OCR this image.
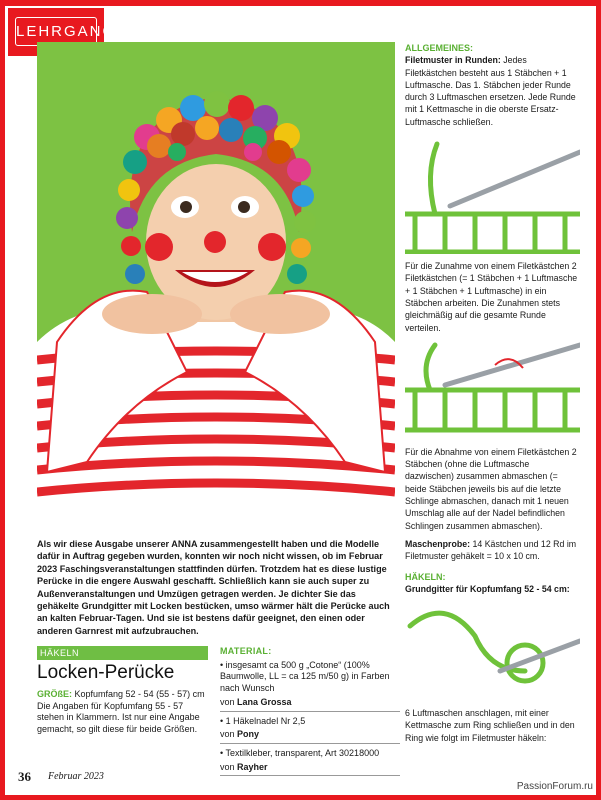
LEHRGANG
Als wir diese Ausgabe unserer ANNA zusammengestellt haben und die Modelle dafür in Auftrag gegeben wurden, konnten wir noch nicht wissen, ob im Februar 2023 Faschingsveranstaltungen stattfinden dürfen. Trotzdem hat es diese lustige Perücke in die engere Auswahl geschafft. Schließlich kann sie auch super zu Außenveranstaltungen und Umzügen getragen werden. Je dichter Sie das gehäkelte Grundgitter mit Locken bestücken, umso wärmer hält die Perücke auch an kalten Februar-Tagen. Und sie ist bestens dafür geeignet, den einen oder anderen Garnrest mit aufzubrauchen.
HÄKELN
Locken-Perücke
GRÖßE: Kopfumfang 52 - 54 (55 - 57) cm
Die Angaben für Kopfumfang 55 - 57 stehen in Klammern. Ist nur eine Angabe gemacht, so gilt diese für beide Größen.
MATERIAL:
• insgesamt ca 500 g „Cotone“ (100% Baumwolle, LL = ca 125 m/50 g) in Farben nach Wunsch
von Lana Grossa
• 1 Häkelnadel Nr 2,5
von Pony
• Textilkleber, transparent, Art 30218000
von Rayher
ALLGEMEINES:

Filetmuster in Runden: Jedes Filetkästchen besteht aus 1 Stäbchen + 1 Luftmasche. Das 1. Stäbchen jeder Runde durch 3 Luftmaschen ersetzen. Jede Runde mit 1 Kettmasche in die oberste Ersatz-Luftmasche schließen.

Für die Zunahme von einem Filetkästchen 2 Filetkästchen (= 1 Stäbchen + 1 Luftmasche + 1 Stäbchen + 1 Luftmasche) in ein Stäbchen arbeiten. Die Zunahmen stets gleichmäßig auf die gesamte Runde verteilen.

Für die Abnahme von einem Filetkästchen 2 Stäbchen (ohne die Luftmasche dazwischen) zusammen abmaschen (= beide Stäbchen jeweils bis auf die letzte Schlinge abmaschen, danach mit 1 neuen Umschlag alle auf der Nadel befindlichen Schlingen zusammen abmaschen).

Maschenprobe: 14 Kästchen und 12 Rd im Filetmuster gehäkelt = 10 x 10 cm.

HÄKELN:

Grundgitter für Kopfumfang 52 - 54 cm:

6 Luftmaschen anschlagen, mit einer Kettmasche zum Ring schließen und in den Ring wie folgt im Filetmuster häkeln:

36 Februar 2023
PassionForum.ru
